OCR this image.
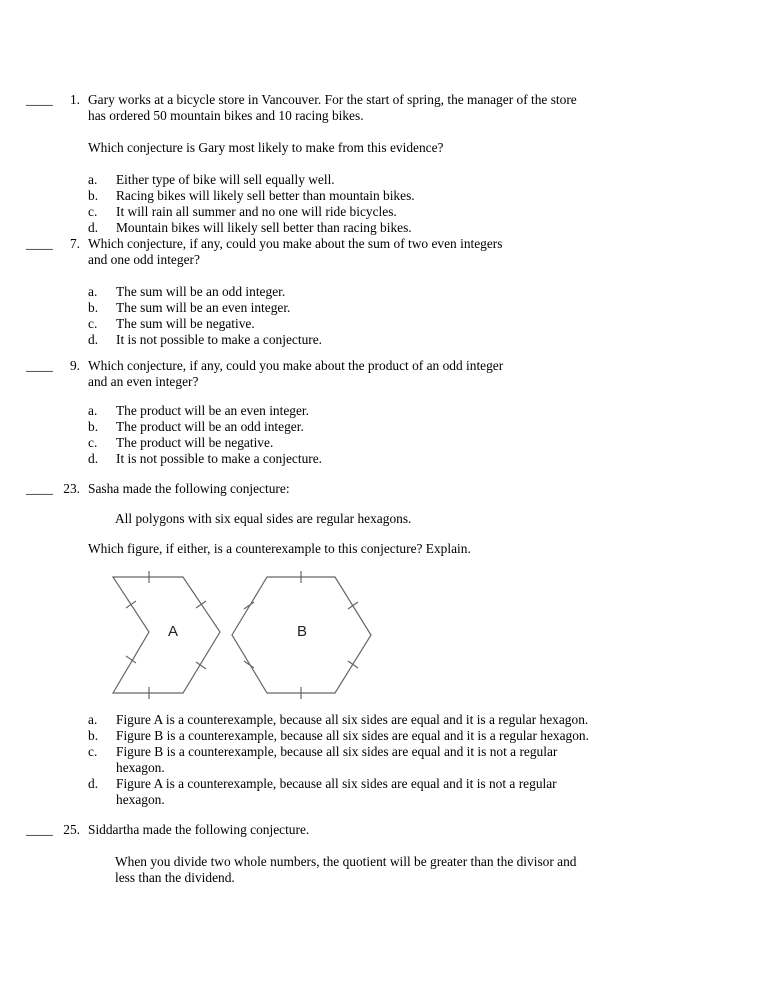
____	1. Gary works at a bicycle store in Vancouver. For the start of spring, the manager of the store
has ordered 50 mountain bikes and 10 racing bikes.
Which conjecture is Gary most likely to make from this evidence?
a.	Either type of bike will sell equally well.
b. Racing bikes will likely sell better than mountain bikes.
c.	It will rain all summer and no one will ride bicycles.
d. Mountain bikes will likely sell better than racing bikes.
____	7. Which conjecture, if any, could you make about the sum of two even integers
and one odd integer?
a.	The sum will be an odd integer.
b. The sum will be an even integer.
c.	The sum will be negative.
d. It is not possible to make a conjecture.
____	9. Which conjecture, if any, could you make about the product of an odd integer
and an even integer?
a.	The product will be an even integer.
b. The product will be an odd integer.
c.	The product will be negative.
d. It is not possible to make a conjecture.
____ 23. Sasha made the following conjecture:
All polygons with six equal sides are regular hexagons.
Which figure, if either, is a counterexample to this conjecture? Explain.
A	B
a.	Figure A is a counterexample, because all six sides are equal and it is a regular hexagon.
b. Figure B is a counterexample, because all six sides are equal and it is a regular hexagon.
c.	Figure B is a counterexample, because all six sides are equal and it is not a regular
hexagon.
d. Figure A is a counterexample, because all six sides are equal and it is not a regular
hexagon.
____ 25. Siddartha made the following conjecture.
When you divide two whole numbers, the quotient will be greater than the divisor and
less than the dividend.
